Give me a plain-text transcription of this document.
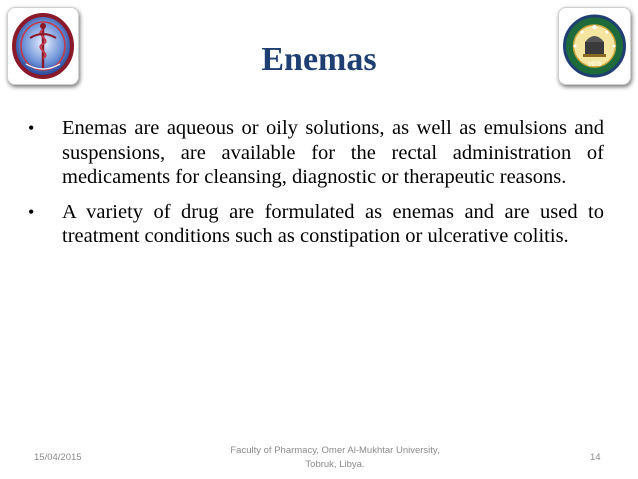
1978
Enemas
• Enemas are aqueous or oily solutions, as well as emulsions and suspensions, are available for the rectal administration of medicaments for cleansing, diagnostic or therapeutic reasons.
• A variety of drug are formulated as enemas and are used to treatment conditions such as constipation or ulcerative colitis.
15/04/2015
Faculty of Pharmacy, Omer Al-Mukhtar University,
Tobruk, Libya.
14
